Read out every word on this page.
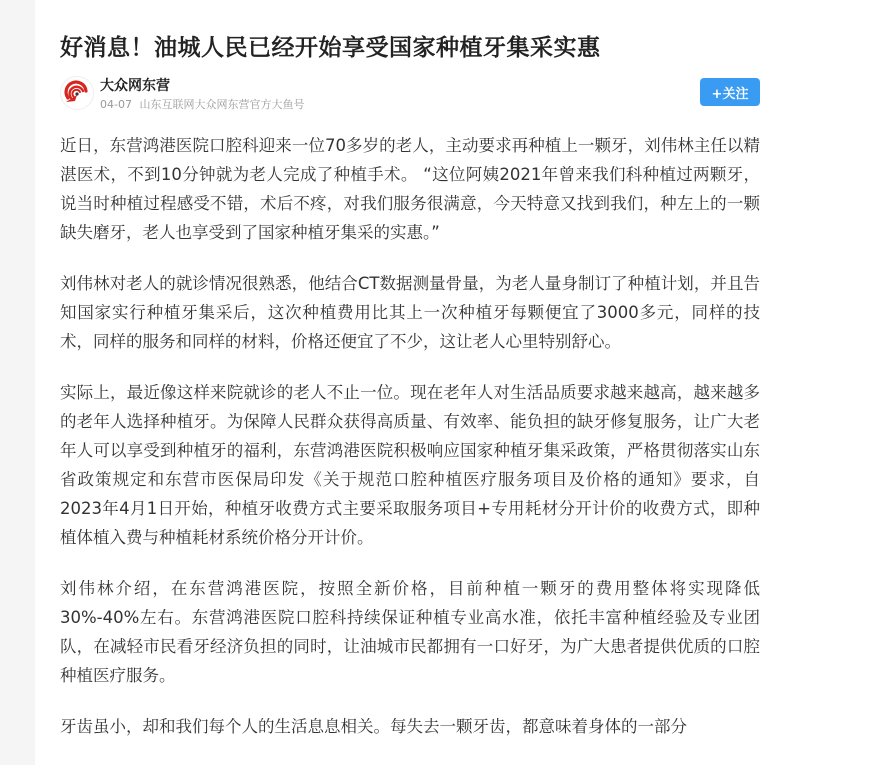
好消息！油城人民已经开始享受国家种植牙集采实惠
大众网东营
04-07 山东互联网大众网东营官方大鱼号
+关注

近日，东营鸿港医院口腔科迎来一位70多岁的老人，主动要求再种植上一颗牙，刘伟林主任以精湛医术，不到10分钟就为老人完成了种植手术。 “这位阿姨2021年曾来我们科种植过两颗牙，说当时种植过程感受不错，术后不疼，对我们服务很满意，今天特意又找到我们，种左上的一颗缺失磨牙，老人也享受到了国家种植牙集采的实惠。”

刘伟林对老人的就诊情况很熟悉，他结合CT数据测量骨量，为老人量身制订了种植计划，并且告知国家实行种植牙集采后，这次种植费用比其上一次种植牙每颗便宜了3000多元，同样的技术，同样的服务和同样的材料，价格还便宜了不少，这让老人心里特别舒心。

实际上，最近像这样来院就诊的老人不止一位。现在老年人对生活品质要求越来越高，越来越多的老年人选择种植牙。为保障人民群众获得高质量、有效率、能负担的缺牙修复服务，让广大老年人可以享受到种植牙的福利，东营鸿港医院积极响应国家种植牙集采政策，严格贯彻落实山东省政策规定和东营市医保局印发《关于规范口腔种植医疗服务项目及价格的通知》要求，自2023年4月1日开始，种植牙收费方式主要采取服务项目+专用耗材分开计价的收费方式，即种植体植入费与种植耗材系统价格分开计价。

刘伟林介绍，在东营鸿港医院，按照全新价格，目前种植一颗牙的费用整体将实现降低30%-40%左右。东营鸿港医院口腔科持续保证种植专业高水准，依托丰富种植经验及专业团队，在减轻市民看牙经济负担的同时，让油城市民都拥有一口好牙，为广大患者提供优质的口腔种植医疗服务。

牙齿虽小，却和我们每个人的生活息息相关。每失去一颗牙齿，都意味着身体的一部分
